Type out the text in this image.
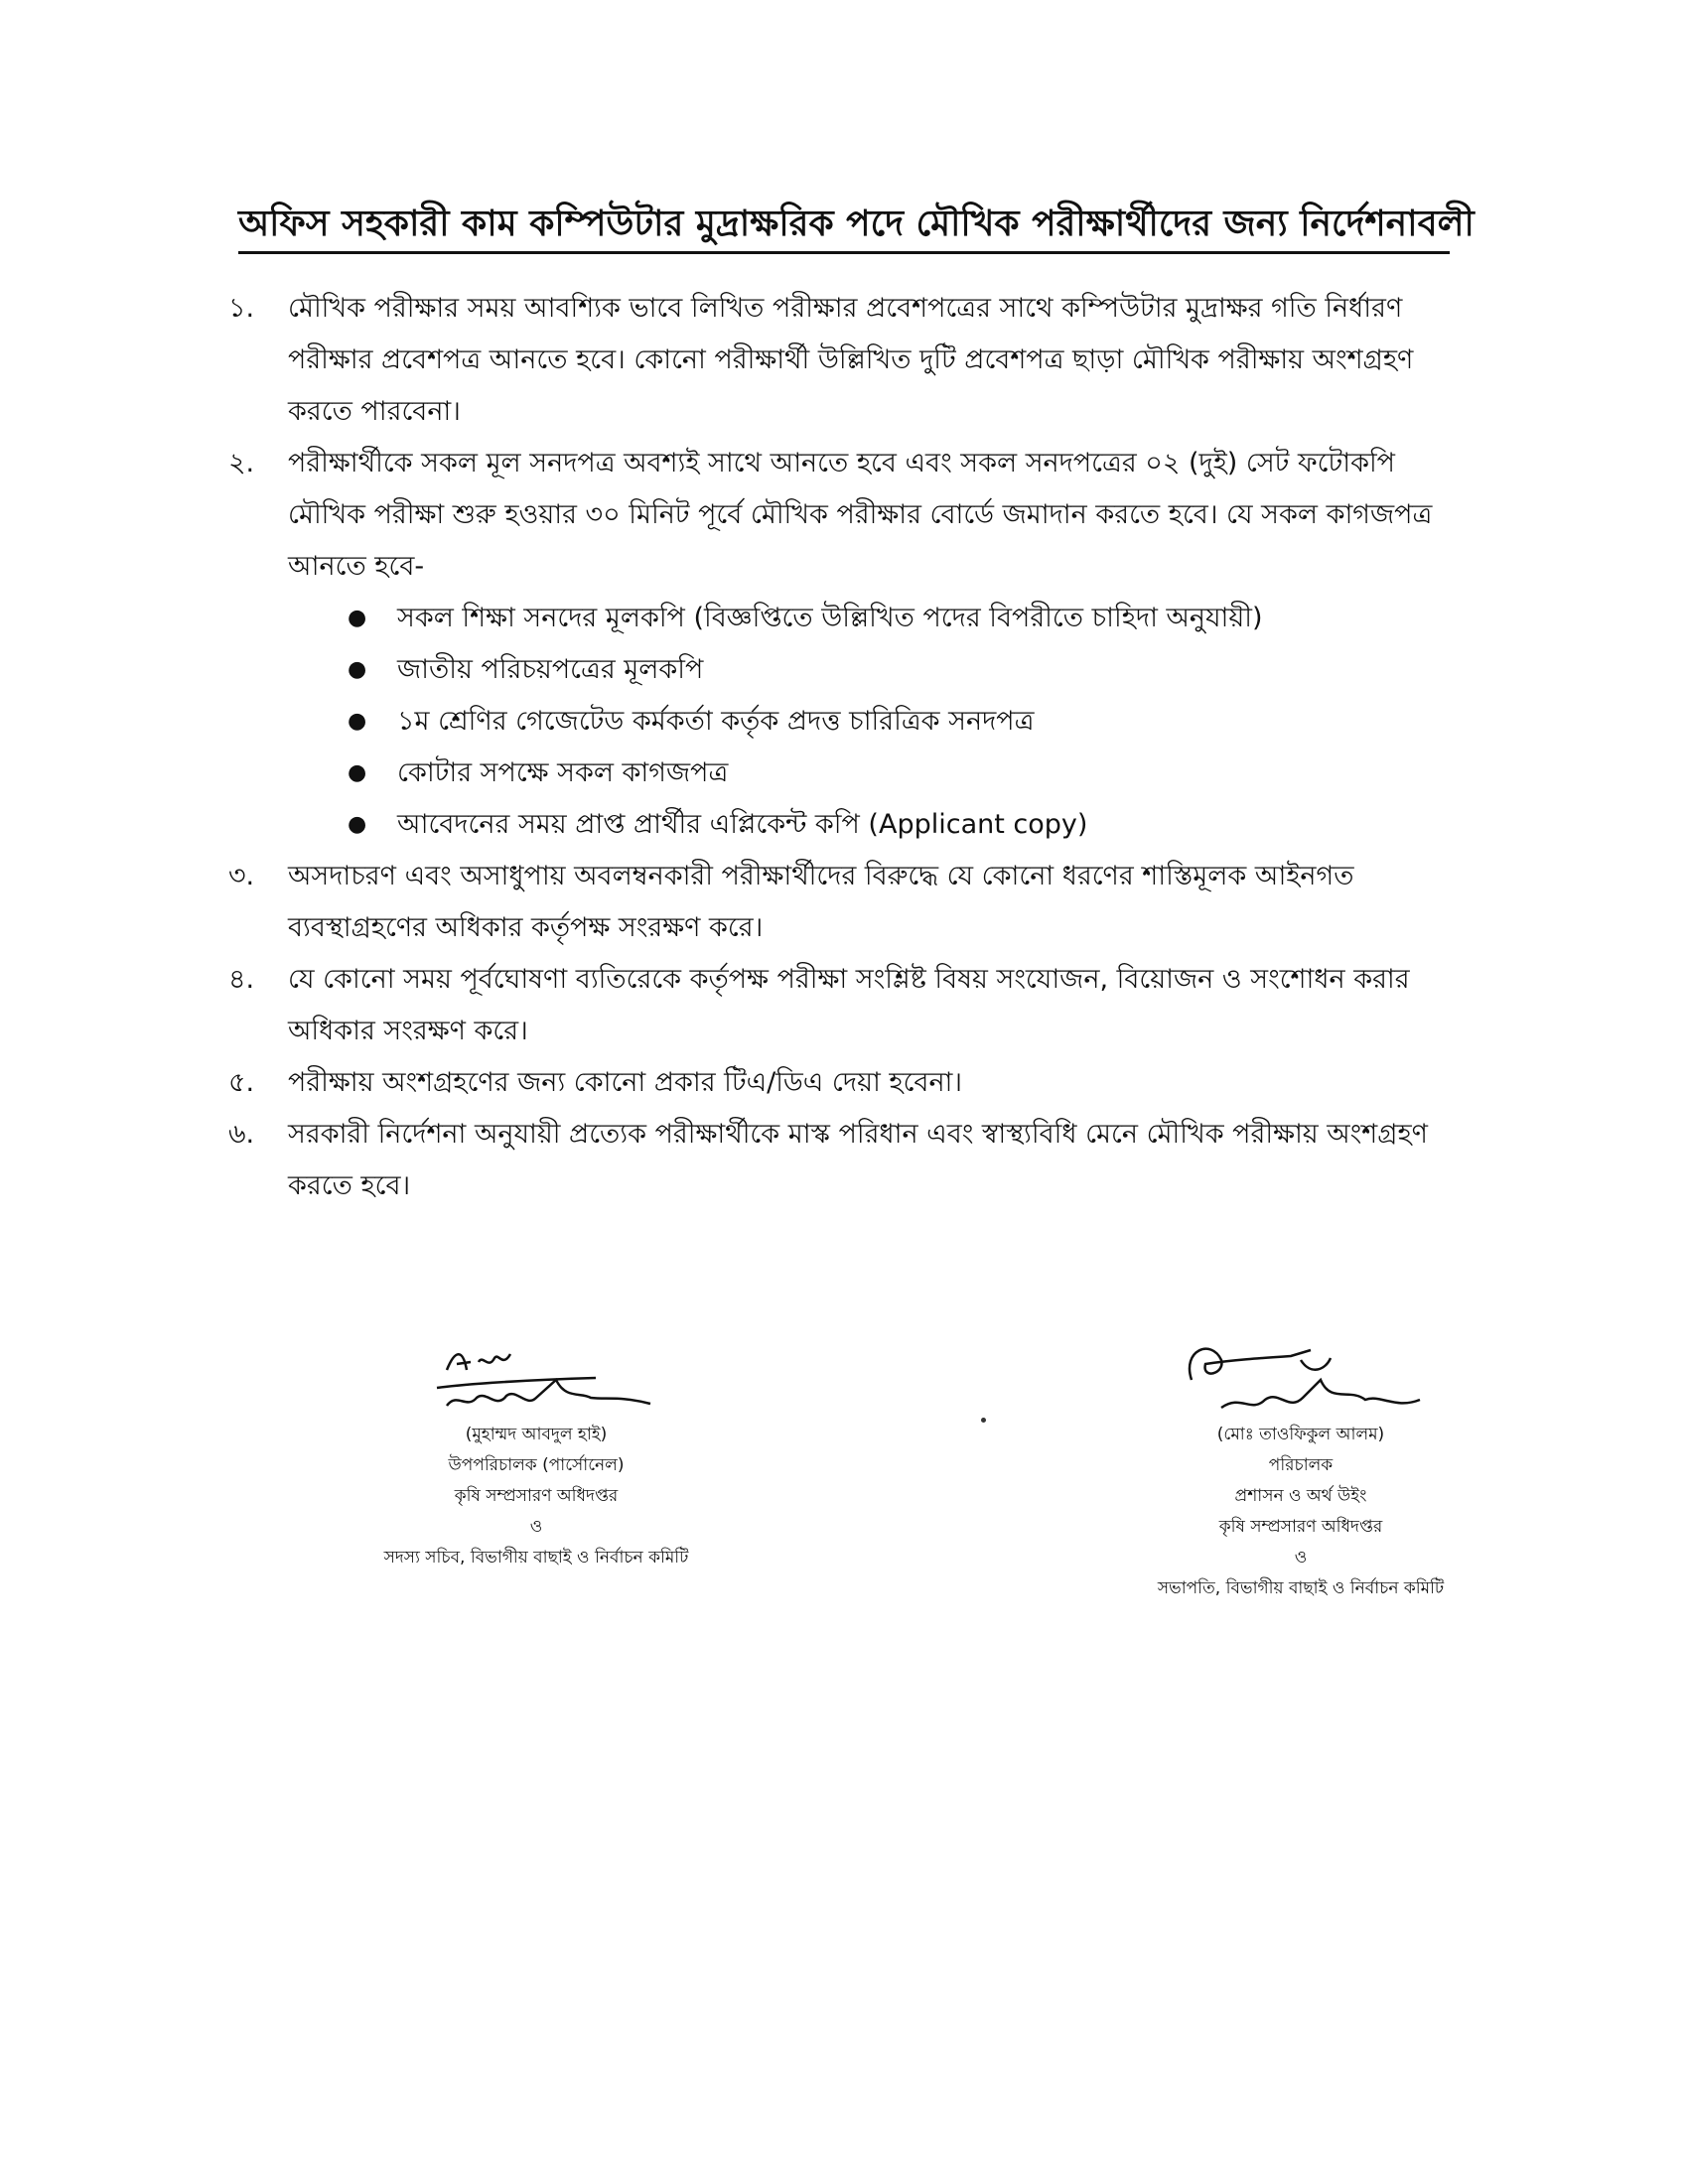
অফিস সহকারী কাম কম্পিউটার মুদ্রাক্ষরিক পদে মৌখিক পরীক্ষার্থীদের জন্য নির্দেশনাবলী
১.	মৌখিক পরীক্ষার সময় আবশ্যিক ভাবে লিখিত পরীক্ষার প্রবেশপত্রের সাথে কম্পিউটার মুদ্রাক্ষর গতি নির্ধারণ পরীক্ষার প্রবেশপত্র আনতে হবে। কোনো পরীক্ষার্থী উল্লিখিত দুটি প্রবেশপত্র ছাড়া মৌখিক পরীক্ষায় অংশগ্রহণ করতে পারবেনা।
২.	পরীক্ষার্থীকে সকল মূল সনদপত্র অবশ্যই সাথে আনতে হবে এবং সকল সনদপত্রের ০২ (দুই) সেট ফটোকপি মৌখিক পরীক্ষা শুরু হওয়ার ৩০ মিনিট পূর্বে মৌখিক পরীক্ষার বোর্ডে জমাদান করতে হবে। যে সকল কাগজপত্র আনতে হবে-
●	সকল শিক্ষা সনদের মূলকপি (বিজ্ঞপ্তিতে উল্লিখিত পদের বিপরীতে চাহিদা অনুযায়ী)
●	জাতীয় পরিচয়পত্রের মূলকপি
●	১ম শ্রেণির গেজেটেড কর্মকর্তা কর্তৃক প্রদত্ত চারিত্রিক সনদপত্র
●	কোটার সপক্ষে সকল কাগজপত্র
●	আবেদনের সময় প্রাপ্ত প্রার্থীর এপ্লিকেন্ট কপি (Applicant copy)
৩.	অসদাচরণ এবং অসাধুপায় অবলম্বনকারী পরীক্ষার্থীদের বিরুদ্ধে যে কোনো ধরণের শাস্তিমূলক আইনগত ব্যবস্থাগ্রহণের অধিকার কর্তৃপক্ষ সংরক্ষণ করে।
৪.	যে কোনো সময় পূর্বঘোষণা ব্যতিরেকে কর্তৃপক্ষ পরীক্ষা সংশ্লিষ্ট বিষয় সংযোজন, বিয়োজন ও সংশোধন করার অধিকার সংরক্ষণ করে।
৫.	পরীক্ষায় অংশগ্রহণের জন্য কোনো প্রকার টিএ/ডিএ দেয়া হবেনা।
৬.	সরকারী নির্দেশনা অনুযায়ী প্রত্যেক পরীক্ষার্থীকে মাস্ক পরিধান এবং স্বাস্থ্যবিধি মেনে মৌখিক পরীক্ষায় অংশগ্রহণ করতে হবে।
(মুহাম্মদ আবদুল হাই)
উপপরিচালক (পার্সোনেল)
কৃষি সম্প্রসারণ অধিদপ্তর
ও
সদস্য সচিব, বিভাগীয় বাছাই ও নির্বাচন কমিটি
(মোঃ তাওফিকুল আলম)
পরিচালক
প্রশাসন ও অর্থ উইং
কৃষি সম্প্রসারণ অধিদপ্তর
ও
সভাপতি, বিভাগীয় বাছাই ও নির্বাচন কমিটি
